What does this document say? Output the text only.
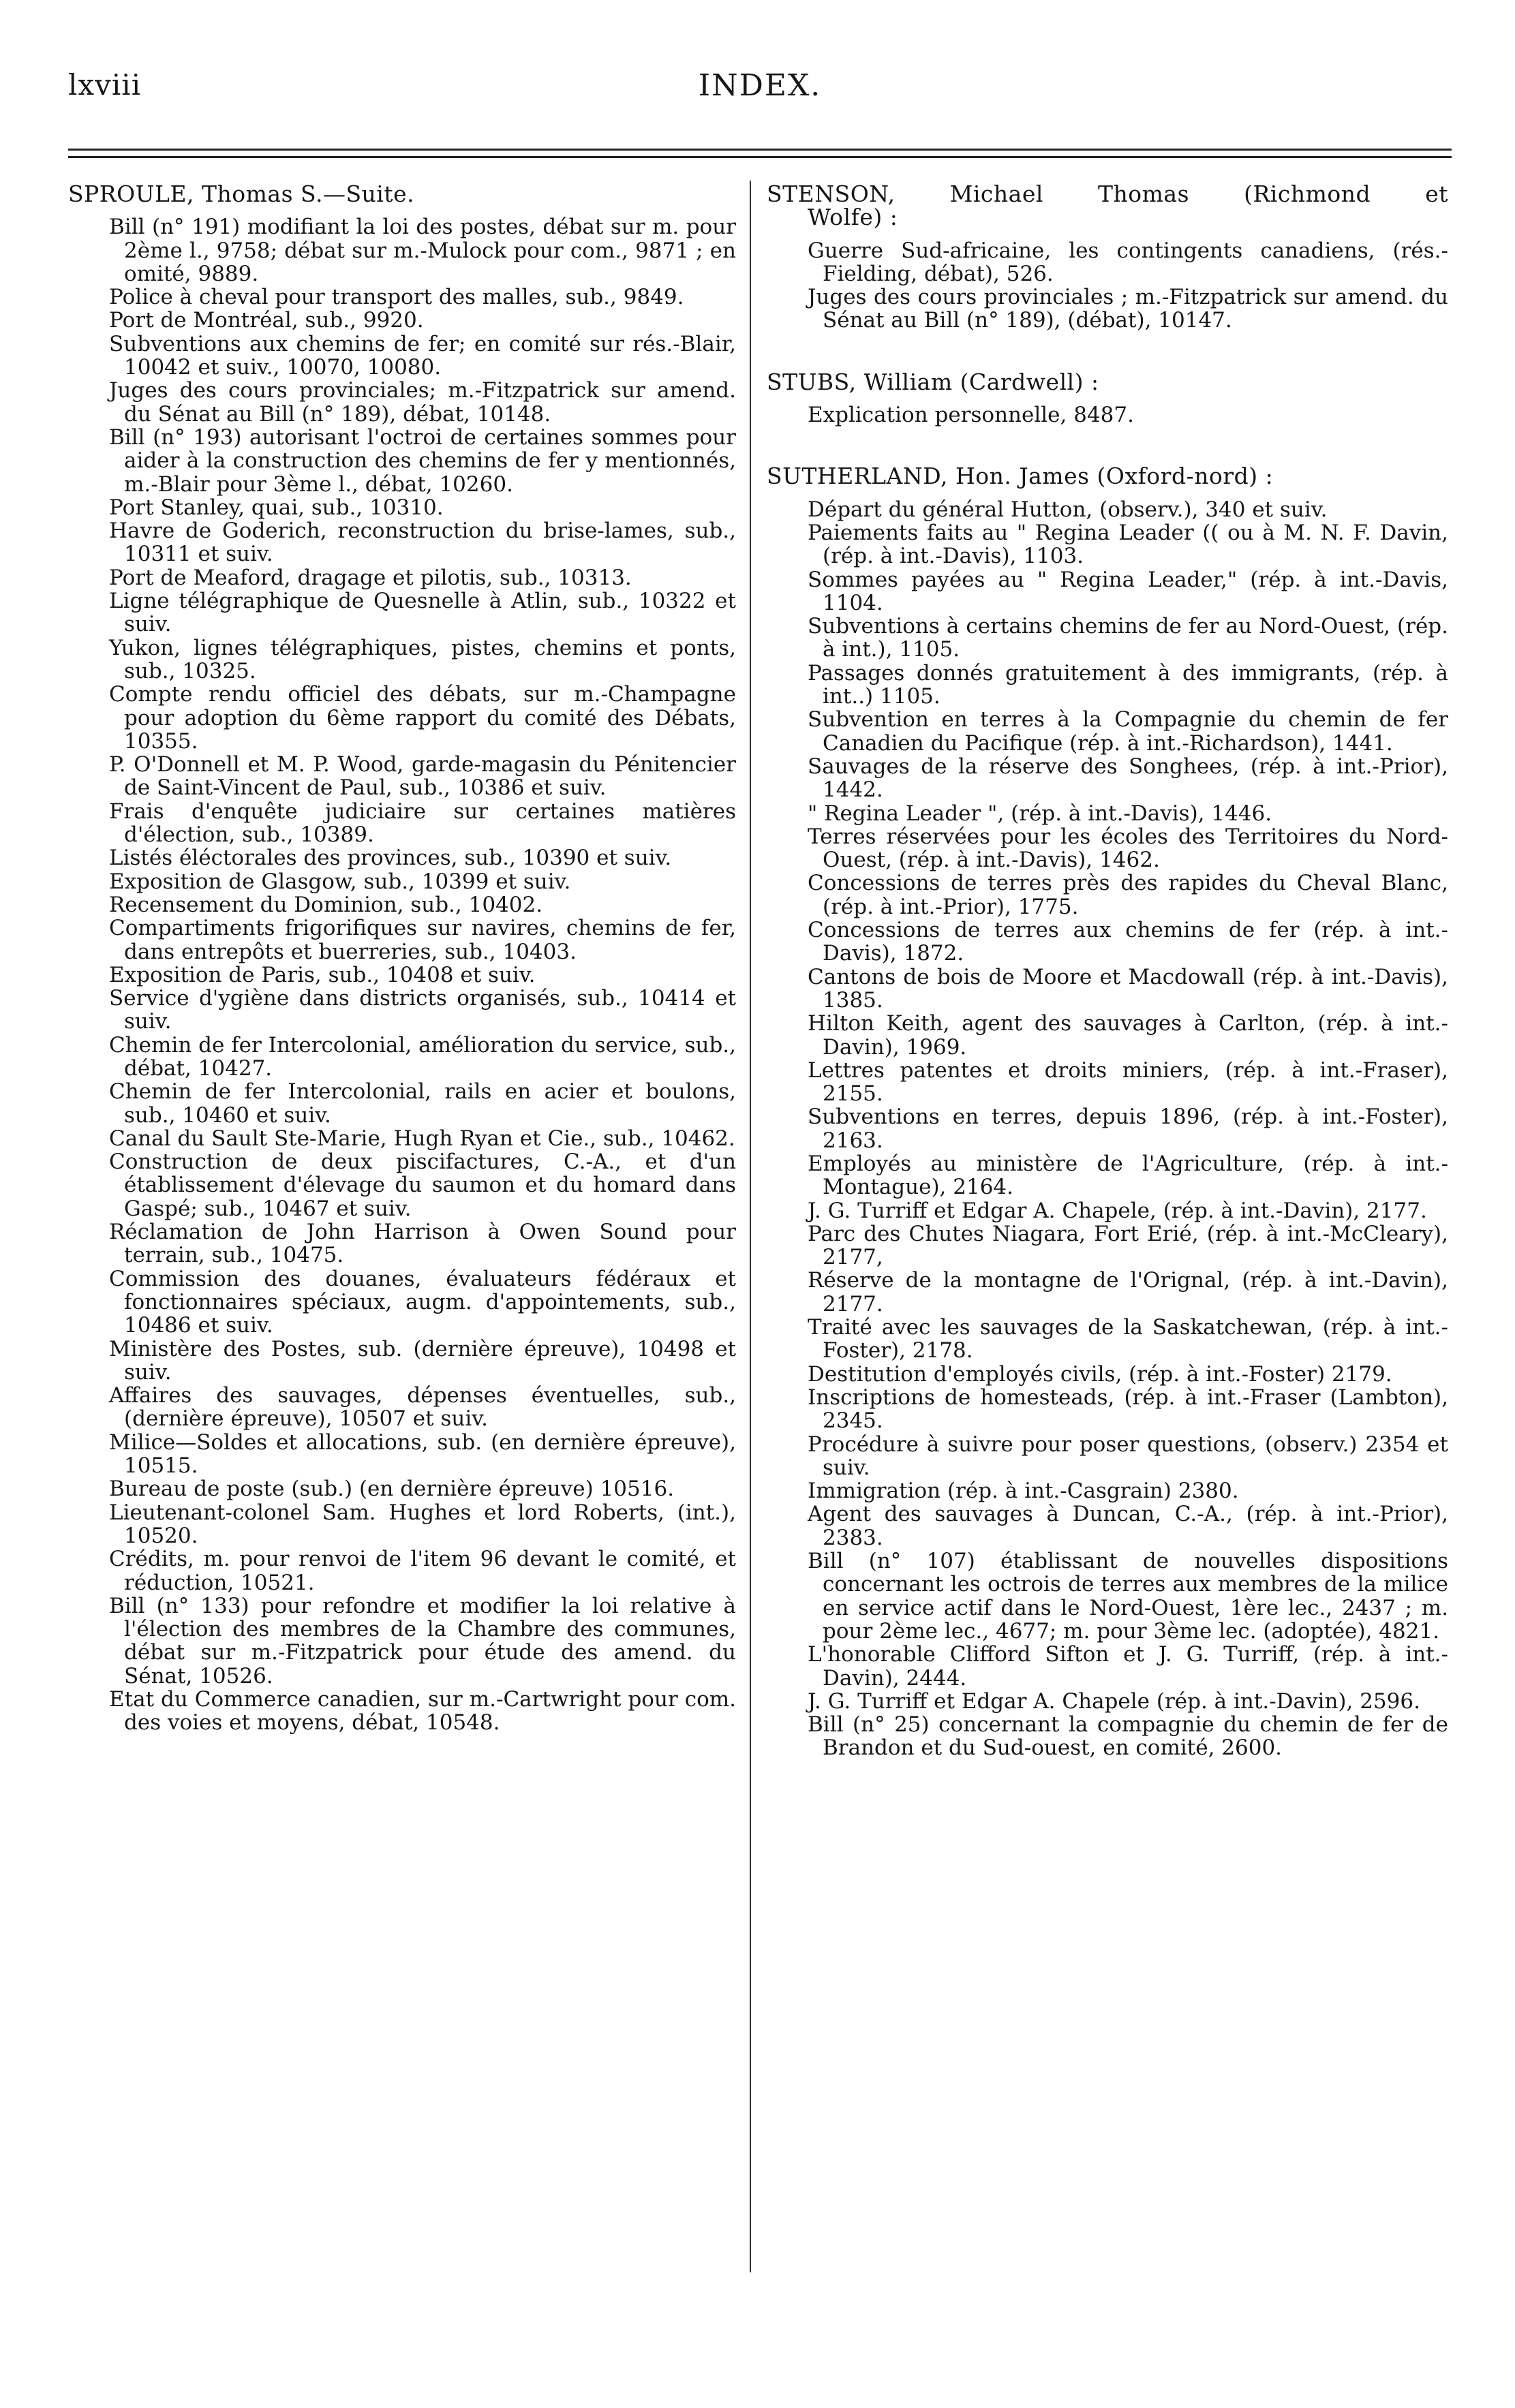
lxviii	INDEX.
SPROULE, Thomas S.—Suite.

Bill (n° 191) modifiant la loi des postes, débat sur m. pour 2ème l., 9758; débat sur m.-Mulock pour com., 9871 ; en omité, 9889.

Police à cheval pour transport des malles, sub., 9849.

Port de Montréal, sub., 9920.

Subventions aux chemins de fer; en comité sur rés.-Blair, 10042 et suiv., 10070, 10080.

Juges des cours provinciales; m.-Fitzpatrick sur amend. du Sénat au Bill (n° 189), débat, 10148.

Bill (n° 193) autorisant l'octroi de certaines sommes pour aider à la construction des chemins de fer y mentionnés, m.-Blair pour 3ème l., débat, 10260.

Port Stanley, quai, sub., 10310.

Havre de Goderich, reconstruction du brise-lames, sub., 10311 et suiv.

Port de Meaford, dragage et pilotis, sub., 10313.

Ligne télégraphique de Quesnelle à Atlin, sub., 10322 et suiv.

Yukon, lignes télégraphiques, pistes, chemins et ponts, sub., 10325.

Compte rendu officiel des débats, sur m.-Champagne pour adoption du 6ème rapport du comité des Débats, 10355.

P. O'Donnell et M. P. Wood, garde-magasin du Pénitencier de Saint-Vincent de Paul, sub., 10386 et suiv.

Frais d'enquête judiciaire sur certaines matières d'élection, sub., 10389.

Listés éléctorales des provinces, sub., 10390 et suiv.

Exposition de Glasgow, sub., 10399 et suiv.

Recensement du Dominion, sub., 10402.

Compartiments frigorifiques sur navires, chemins de fer, dans entrepôts et buerreries, sub., 10403.

Exposition de Paris, sub., 10408 et suiv.

Service d'ygiène dans districts organisés, sub., 10414 et suiv.

Chemin de fer Intercolonial, amélioration du service, sub., débat, 10427.

Chemin de fer Intercolonial, rails en acier et boulons, sub., 10460 et suiv.

Canal du Sault Ste-Marie, Hugh Ryan et Cie., sub., 10462.

Construction de deux piscifactures, C.-A., et d'un établissement d'élevage du saumon et du homard dans Gaspé; sub., 10467 et suiv.

Réclamation de John Harrison à Owen Sound pour terrain, sub., 10475.

Commission des douanes, évaluateurs fédéraux et fonctionnaires spéciaux, augm. d'appointements, sub., 10486 et suiv.

Ministère des Postes, sub. (dernière épreuve), 10498 et suiv.

Affaires des sauvages, dépenses éventuelles, sub., (dernière épreuve), 10507 et suiv.

Milice—Soldes et allocations, sub. (en dernière épreuve), 10515.

Bureau de poste (sub.) (en dernière épreuve) 10516.

Lieutenant-colonel Sam. Hughes et lord Roberts, (int.), 10520.

Crédits, m. pour renvoi de l'item 96 devant le comité, et réduction, 10521.

Bill (n° 133) pour refondre et modifier la loi relative à l'élection des membres de la Chambre des communes, débat sur m.-Fitzpatrick pour étude des amend. du Sénat, 10526.

Etat du Commerce canadien, sur m.-Cartwright pour com. des voies et moyens, débat, 10548.

STENSON, Michael Thomas (Richmond et
Wolfe) :

Guerre Sud-africaine, les contingents canadiens, (rés.-Fielding, débat), 526.

Juges des cours provinciales ; m.-Fitzpatrick sur amend. du Sénat au Bill (n° 189), (débat), 10147.

STUBS, William (Cardwell) :

Explication personnelle, 8487.

SUTHERLAND, Hon. James (Oxford-nord) :

Départ du général Hutton, (observ.), 340 et suiv.

Paiements faits au " Regina Leader (( ou à M. N. F. Davin, (rép. à int.-Davis), 1103.

Sommes payées au " Regina Leader," (rép. à int.-Davis, 1104.

Subventions à certains chemins de fer au Nord-Ouest, (rép. à int.), 1105.

Passages donnés gratuitement à des immigrants, (rép. à int..) 1105.

Subvention en terres à la Compagnie du chemin de fer Canadien du Pacifique (rép. à int.-Richardson), 1441.

Sauvages de la réserve des Songhees, (rép. à int.-Prior), 1442.

" Regina Leader ", (rép. à int.-Davis), 1446.

Terres réservées pour les écoles des Territoires du Nord-Ouest, (rép. à int.-Davis), 1462.

Concessions de terres près des rapides du Cheval Blanc, (rép. à int.-Prior), 1775.

Concessions de terres aux chemins de fer (rép. à int.-Davis), 1872.

Cantons de bois de Moore et Macdowall (rép. à int.-Davis), 1385.

Hilton Keith, agent des sauvages à Carlton, (rép. à int.-Davin), 1969.

Lettres patentes et droits miniers, (rép. à int.-Fraser), 2155.

Subventions en terres, depuis 1896, (rép. à int.-Foster), 2163.

Employés au ministère de l'Agriculture, (rép. à int.-Montague), 2164.

J. G. Turriff et Edgar A. Chapele, (rép. à int.-Davin), 2177.

Parc des Chutes Niagara, Fort Erié, (rép. à int.-McCleary), 2177,

Réserve de la montagne de l'Orignal, (rép. à int.-Davin), 2177.

Traité avec les sauvages de la Saskatchewan, (rép. à int.-Foster), 2178.

Destitution d'employés civils, (rép. à int.-Foster) 2179.

Inscriptions de homesteads, (rép. à int.-Fraser (Lambton), 2345.

Procédure à suivre pour poser questions, (observ.) 2354 et suiv.

Immigration (rép. à int.-Casgrain) 2380.

Agent des sauvages à Duncan, C.-A., (rép. à int.-Prior), 2383.

Bill (n° 107) établissant de nouvelles dispositions concernant les octrois de terres aux membres de la milice en service actif dans le Nord-Ouest, 1ère lec., 2437 ; m. pour 2ème lec., 4677; m. pour 3ème lec. (adoptée), 4821.

L'honorable Clifford Sifton et J. G. Turriff, (rép. à int.-Davin), 2444.

J. G. Turriff et Edgar A. Chapele (rép. à int.-Davin), 2596.

Bill (n° 25) concernant la compagnie du chemin de fer de Brandon et du Sud-ouest, en comité, 2600.
